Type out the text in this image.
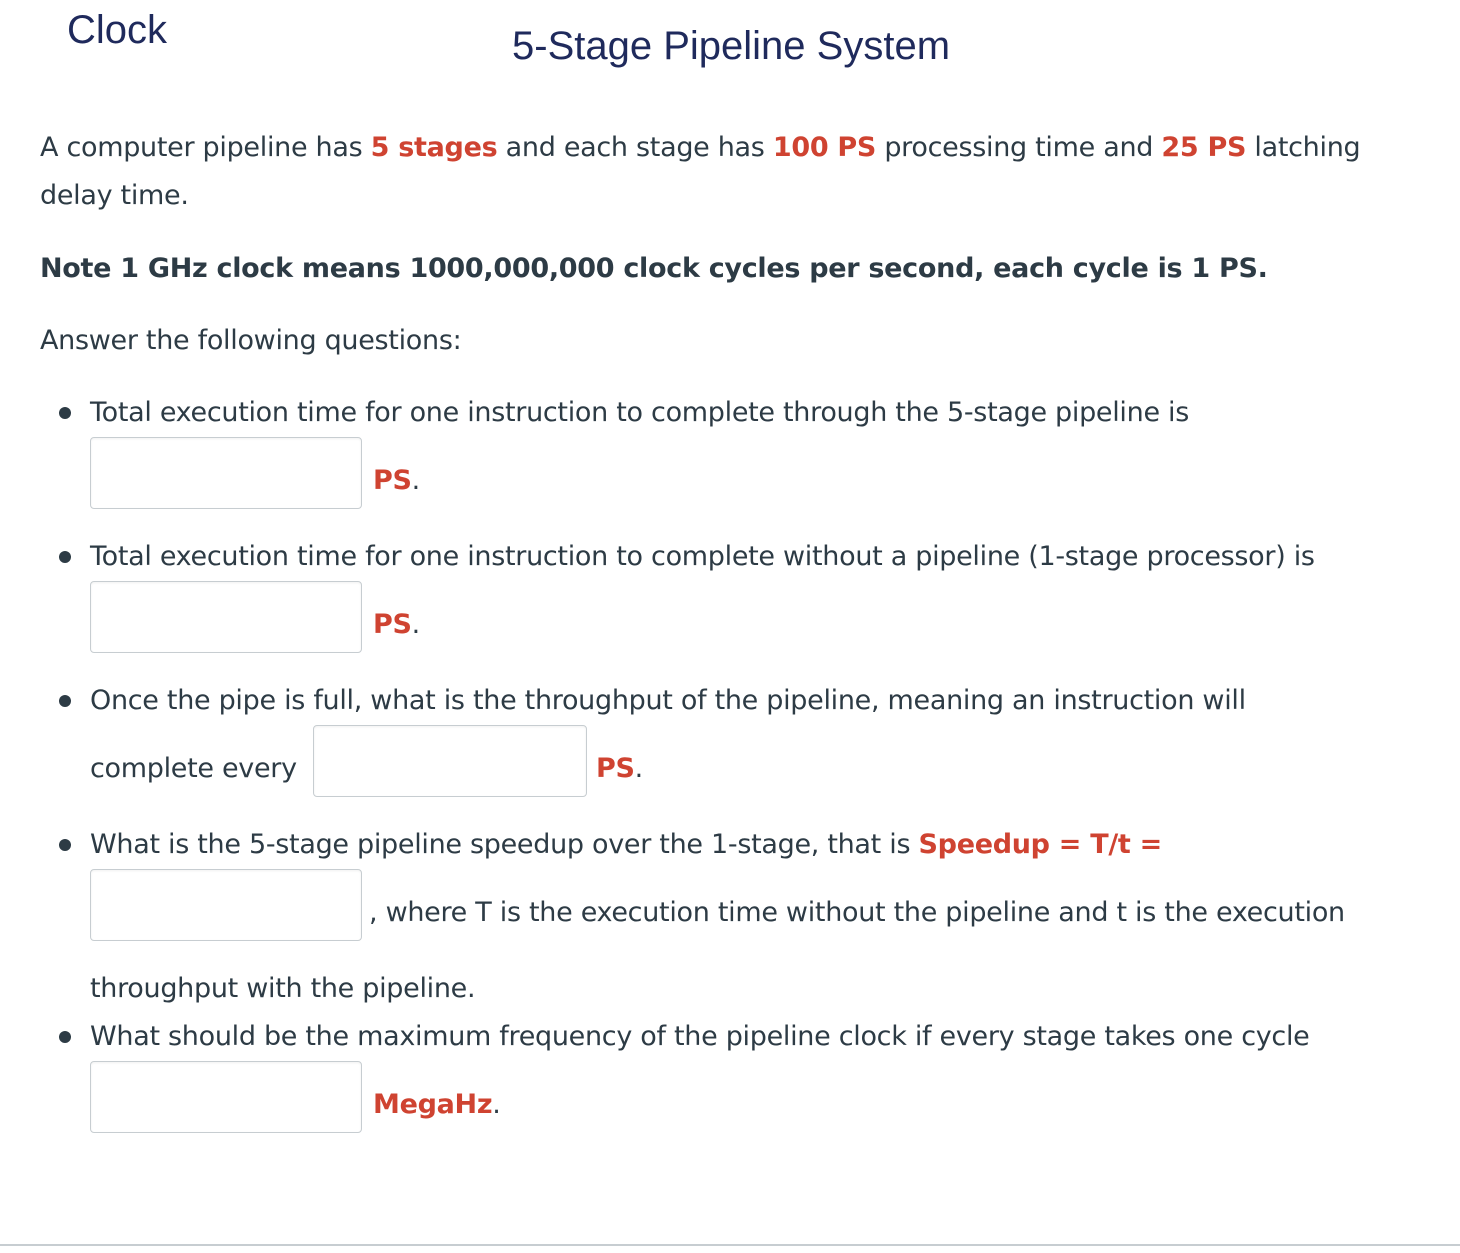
Clock	5-Stage Pipeline System

A computer pipeline has 5 stages and each stage has 100 PS processing time and 25 PS latching
delay time.

Note 1 GHz clock means 1000,000,000 clock cycles per second, each cycle is 1 PS.

Answer the following questions:

Total execution time for one instruction to complete through the 5-stage pipeline is
PS.
Total execution time for one instruction to complete without a pipeline (1-stage processor) is
PS.
Once the pipe is full, what is the throughput of the pipeline, meaning an instruction will
complete every	PS.
What is the 5-stage pipeline speedup over the 1-stage, that is Speedup = T/t =
, where T is the execution time without the pipeline and t is the execution
throughput with the pipeline.
What should be the maximum frequency of the pipeline clock if every stage takes one cycle
MegaHz.
